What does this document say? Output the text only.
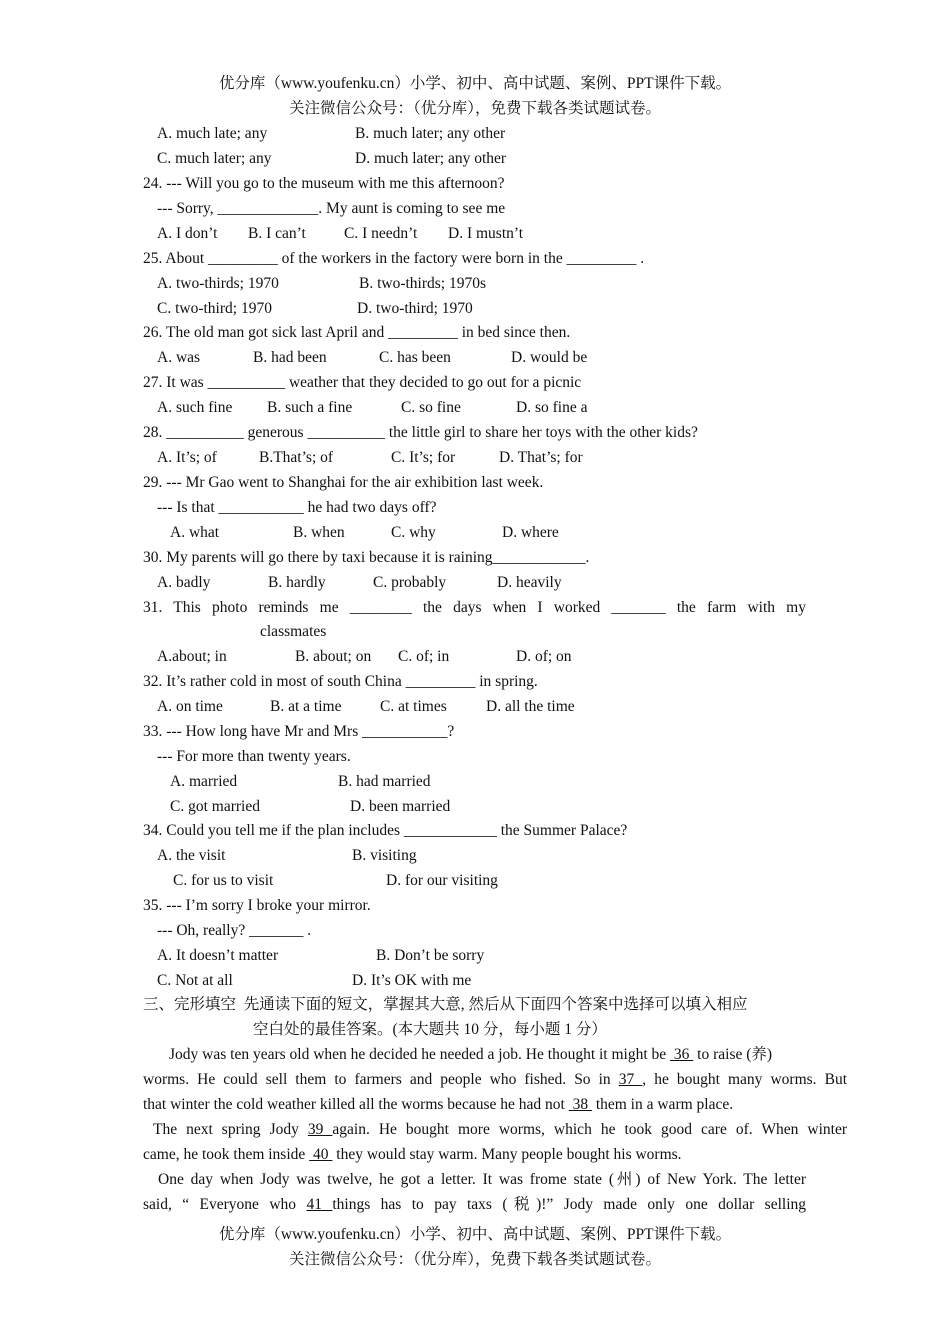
优分库（www.youfenku.cn）小学、初中、高中试题、案例、PPT课件下载。
关注微信公众号：（优分库），免费下载各类试题试卷。
A. much late; any	B. much later; any other
C. much later; any	D. much later; any other
24. --- Will you go to the museum with me this afternoon?
--- Sorry, _____________. My aunt is coming to see me
A. I don’t B. I can’t C. I needn’t D. I mustn’t
25. About _________ of the workers in the factory were born in the _________ .
A. two-thirds; 1970	B. two-thirds; 1970s
C. two-third; 1970	D. two-third; 1970
26. The old man got sick last April and _________ in bed since then.
A. was	B. had been	C. has been	D. would be
27. It was __________ weather that they decided to go out for a picnic
A. such fine B. such a fine	C. so fine	D. so fine a
28. __________ generous __________ the little girl to share her toys with the other kids?
A. It’s; of	B.That’s; of	C. It’s; for	D. That’s; for
29. --- Mr Gao went to Shanghai for the air exhibition last week.
--- Is that ___________ he had two days off?
A. what	B. when	C. why	D. where
30. My parents will go there by taxi because it is raining____________.
A. badly	B. hardly	C. probably	D. heavily
31. This photo reminds me ________ the days when I worked _______ the farm with my
classmates
A.about; in	B. about; on C. of; in	D. of; on
32. It’s rather cold in most of south China _________ in spring.
A. on time	B. at a time C. at times	D. all the time
33. --- How long have Mr and Mrs ___________?
--- For more than twenty years.
A. married	B. had married
C. got married	D. been married
34. Could you tell me if the plan includes ____________ the Summer Palace?
A. the visit	B. visiting
C. for us to visit	D. for our visiting
35. --- I’m sorry I broke your mirror.
--- Oh, really? _______ .
A. It doesn’t matter	B. Don’t be sorry
C. Not at all	D. It’s OK with me
三、完形填空  先通读下面的短文，掌握其大意, 然后从下面四个答案中选择可以填入相应
空白处的最佳答案。(本大题共 10 分，每小题 1 分）
Jody was ten years old when he decided he needed a job. He thought it might be  36  to raise (养)
worms. He could sell them to farmers and people who fished. So in 37 , he bought many worms. But
that winter the cold weather killed all the worms because he had not  38  them in a warm place.
The next spring Jody 39 again. He bought more worms, which he took good care of. When winter
came, he took them inside  40  they would stay warm. Many people bought his worms.
One day when Jody was twelve, he got a letter. It was frome state (州) of New York. The letter
said, “ Everyone who 41 things has to pay taxs (税)!” Jody made only one dollar selling
优分库（www.youfenku.cn）小学、初中、高中试题、案例、PPT课件下载。
关注微信公众号：（优分库），免费下载各类试题试卷。
